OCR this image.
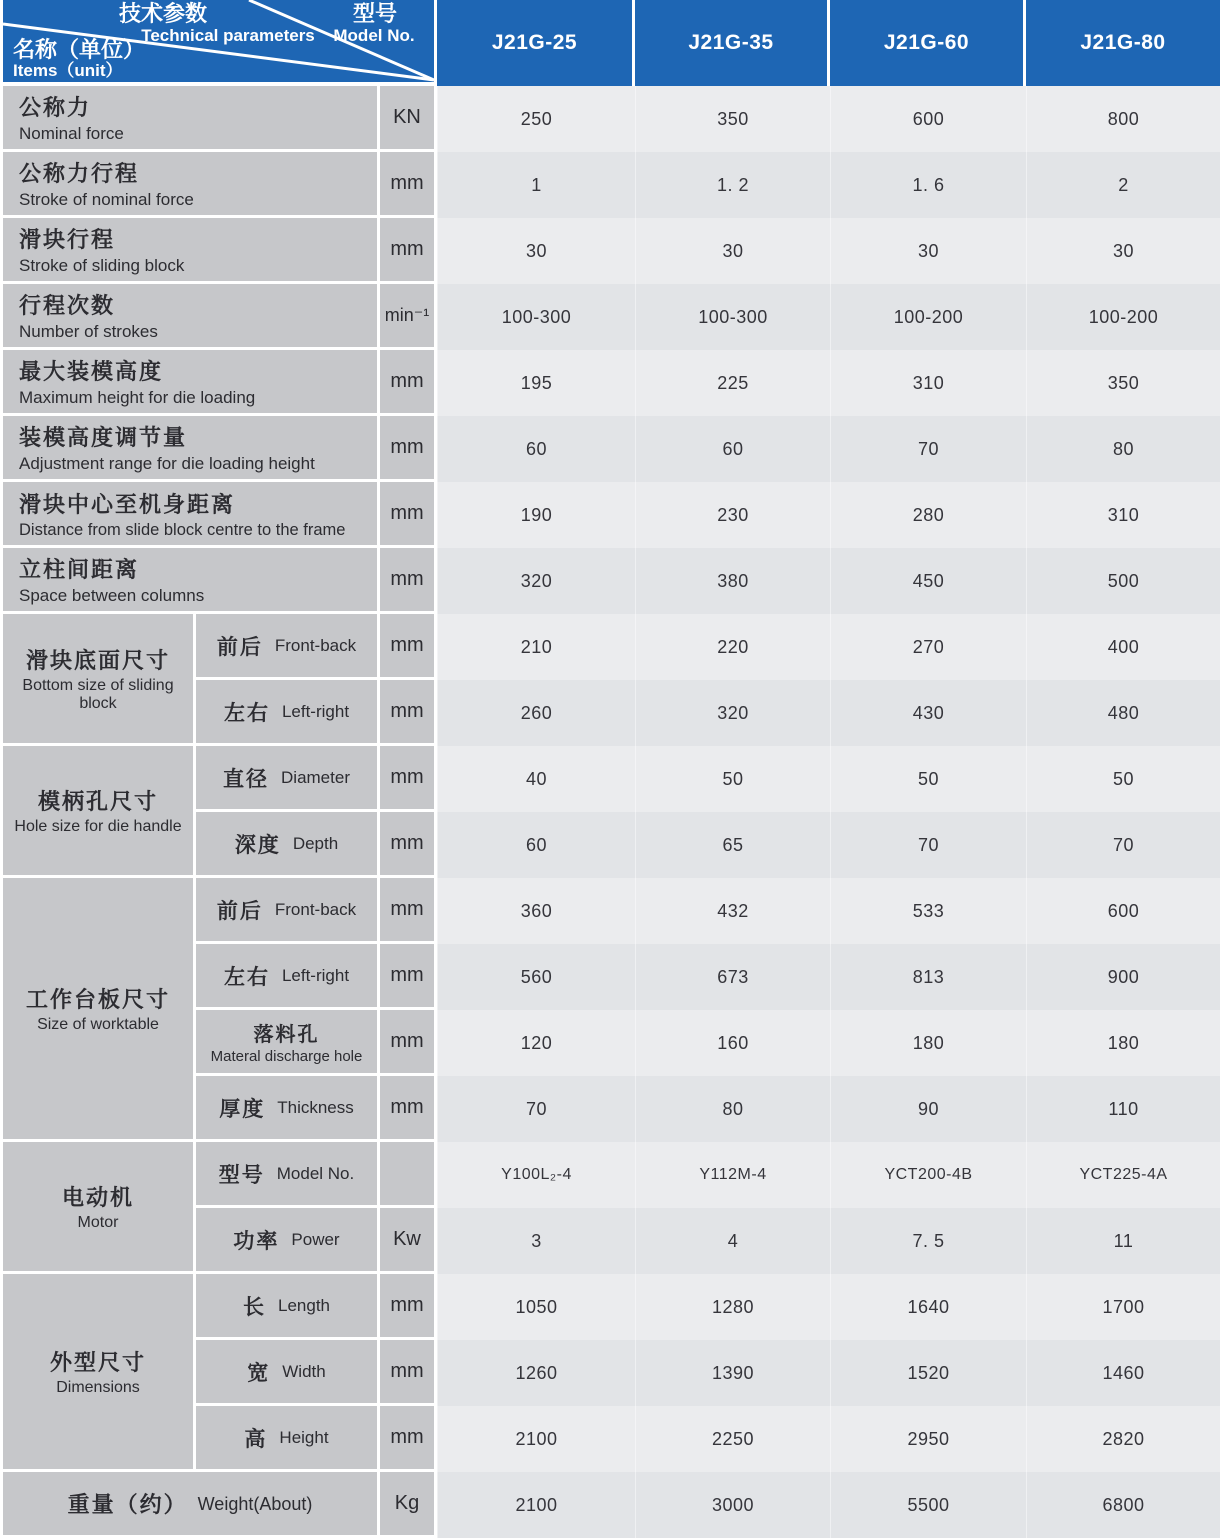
技术参数
Technical parameters
型号
Model No.
名称（单位）
Items（unit）
J21G-25	J21G-35	J21G-60	J21G-80
公称力
Nominal force
KN	250	350	600	800
公称力行程
Stroke of nominal force
mm	1	1. 2	1. 6	2
滑块行程
Stroke of sliding block
mm	30	30	30	30
行程次数
Number of strokes
min⁻¹	100-300	100-300	100-200	100-200
最大装模高度
Maximum height for die loading
mm	195	225	310	350
装模高度调节量
Adjustment range for die loading height
mm	60	60	70	80
滑块中心至机身距离
Distance from slide block centre to the frame
mm	190	230	280	310
立柱间距离
Space between columns
mm	320	380	450	500
滑块底面尺寸
Bottom size of sliding block
前后 Front-back	mm	210	220	270	400
左右 Left-right	mm	260	320	430	480
模柄孔尺寸
Hole size for die handle
直径 Diameter	mm	40	50	50	50
深度 Depth	mm	60	65	70	70
工作台板尺寸
Size of worktable
前后 Front-back	mm	360	432	533	600
左右 Left-right	mm	560	673	813	900
落料孔
Materal discharge hole
mm	120	160	180	180
厚度 Thickness	mm	70	80	90	110
电动机
Motor
型号 Model No.	Y100L₂-4	Y112M-4	YCT200-4B	YCT225-4A
功率 Power	Kw	3	4	7. 5	11
外型尺寸
Dimensions
长 Length	mm	1050	1280	1640	1700
宽 Width	mm	1260	1390	1520	1460
高 Height	mm	2100	2250	2950	2820
重量（约） Weight(About)	Kg	2100	3000	5500	6800
